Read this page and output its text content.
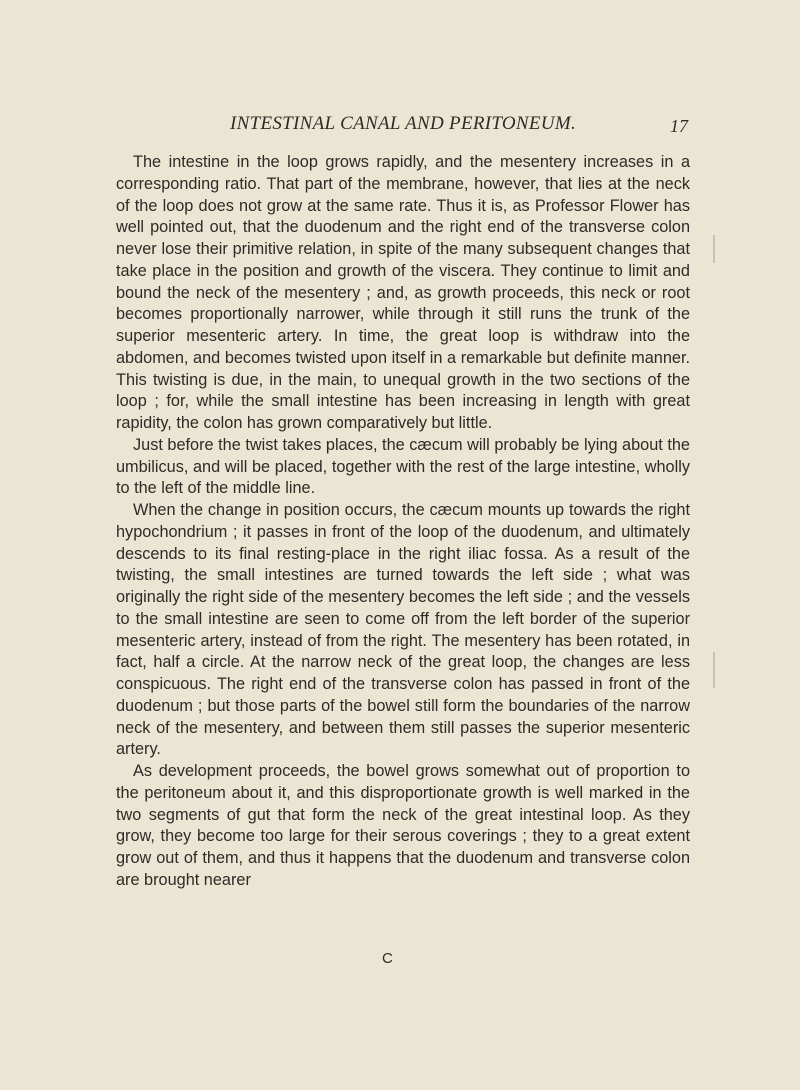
INTESTINAL CANAL AND PERITONEUM.	17

The intestine in the loop grows rapidly, and the mesentery increases in a corresponding ratio. That part of the membrane, however, that lies at the neck of the loop does not grow at the same rate. Thus it is, as Professor Flower has well pointed out, that the duodenum and the right end of the transverse colon never lose their primitive relation, in spite of the many subsequent changes that take place in the position and growth of the viscera. They continue to limit and bound the neck of the mesentery ; and, as growth proceeds, this neck or root becomes proportionally narrower, while through it still runs the trunk of the superior mesenteric artery. In time, the great loop is withdraw into the abdomen, and becomes twisted upon itself in a remarkable but definite manner. This twisting is due, in the main, to unequal growth in the two sections of the loop ; for, while the small intestine has been increasing in length with great rapidity, the colon has grown comparatively but little.

Just before the twist takes places, the cæcum will probably be lying about the umbilicus, and will be placed, together with the rest of the large intestine, wholly to the left of the middle line.

When the change in position occurs, the cæcum mounts up towards the right hypochondrium ; it passes in front of the loop of the duodenum, and ultimately descends to its final resting-place in the right iliac fossa. As a result of the twisting, the small intestines are turned towards the left side ; what was originally the right side of the mesentery becomes the left side ; and the vessels to the small intestine are seen to come off from the left border of the superior mesenteric artery, instead of from the right. The mesentery has been rotated, in fact, half a circle. At the narrow neck of the great loop, the changes are less conspicuous. The right end of the transverse colon has passed in front of the duodenum ; but those parts of the bowel still form the boundaries of the narrow neck of the mesentery, and between them still passes the superior mesenteric artery.

As development proceeds, the bowel grows somewhat out of proportion to the peritoneum about it, and this disproportionate growth is well marked in the two segments of gut that form the neck of the great intestinal loop. As they grow, they become too large for their serous coverings ; they to a great extent grow out of them, and thus it happens that the duodenum and transverse colon are brought nearer

C
